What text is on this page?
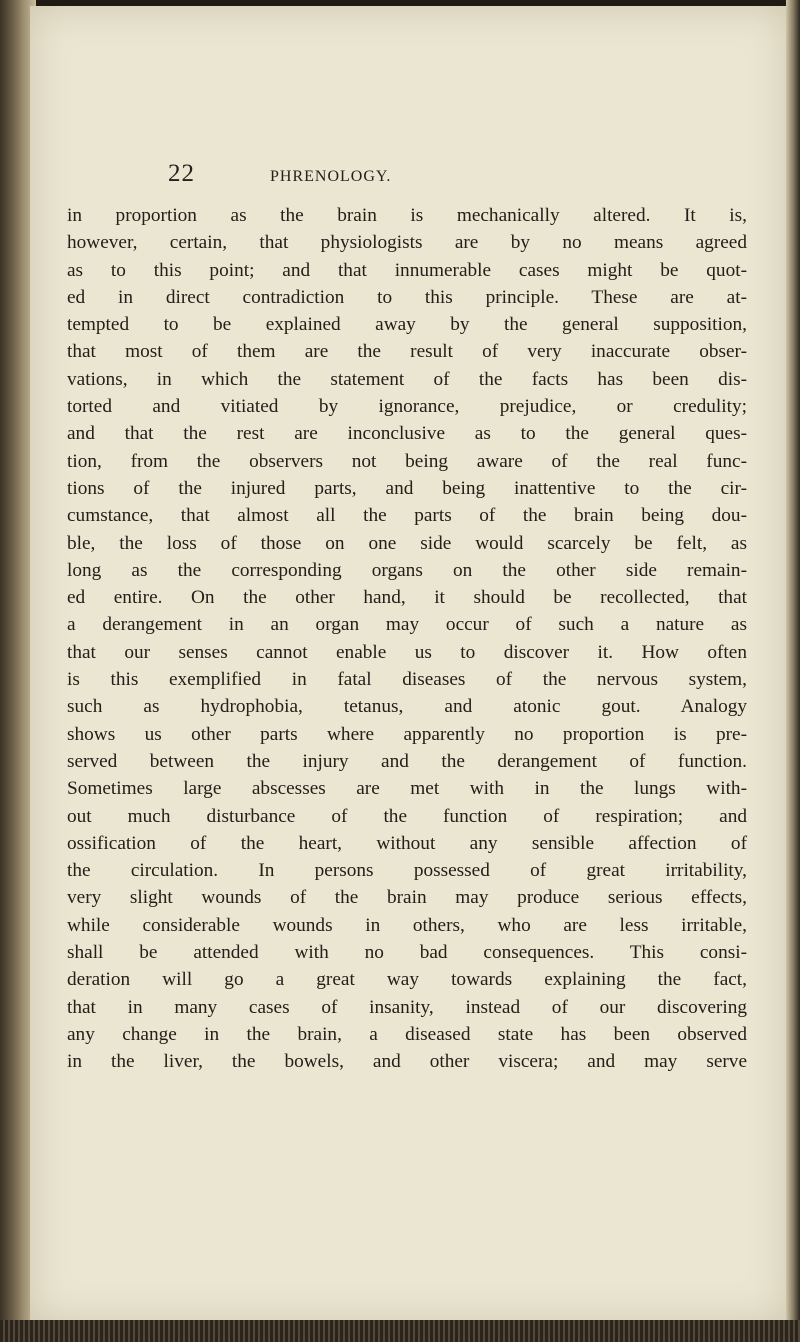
22	PHRENOLOGY.
in proportion as the brain is mechanically altered. It is,
however, certain, that physiologists are by no means agreed
as to this point; and that innumerable cases might be quot-
ed in direct contradiction to this principle. These are at-
tempted to be explained away by the general supposition,
that most of them are the result of very inaccurate obser-
vations, in which the statement of the facts has been dis-
torted and vitiated by ignorance, prejudice, or credulity;
and that the rest are inconclusive as to the general ques-
tion, from the observers not being aware of the real func-
tions of the injured parts, and being inattentive to the cir-
cumstance, that almost all the parts of the brain being dou-
ble, the loss of those on one side would scarcely be felt, as
long as the corresponding organs on the other side remain-
ed entire. On the other hand, it should be recollected, that
a derangement in an organ may occur of such a nature as
that our senses cannot enable us to discover it. How often
is this exemplified in fatal diseases of the nervous system,
such as hydrophobia, tetanus, and atonic gout. Analogy
shows us other parts where apparently no proportion is pre-
served between the injury and the derangement of function.
Sometimes large abscesses are met with in the lungs with-
out much disturbance of the function of respiration; and
ossification of the heart, without any sensible affection of
the circulation. In persons possessed of great irritability,
very slight wounds of the brain may produce serious effects,
while considerable wounds in others, who are less irritable,
shall be attended with no bad consequences. This consi-
deration will go a great way towards explaining the fact,
that in many cases of insanity, instead of our discovering
any change in the brain, a diseased state has been observed
in the liver, the bowels, and other viscera; and may serve
